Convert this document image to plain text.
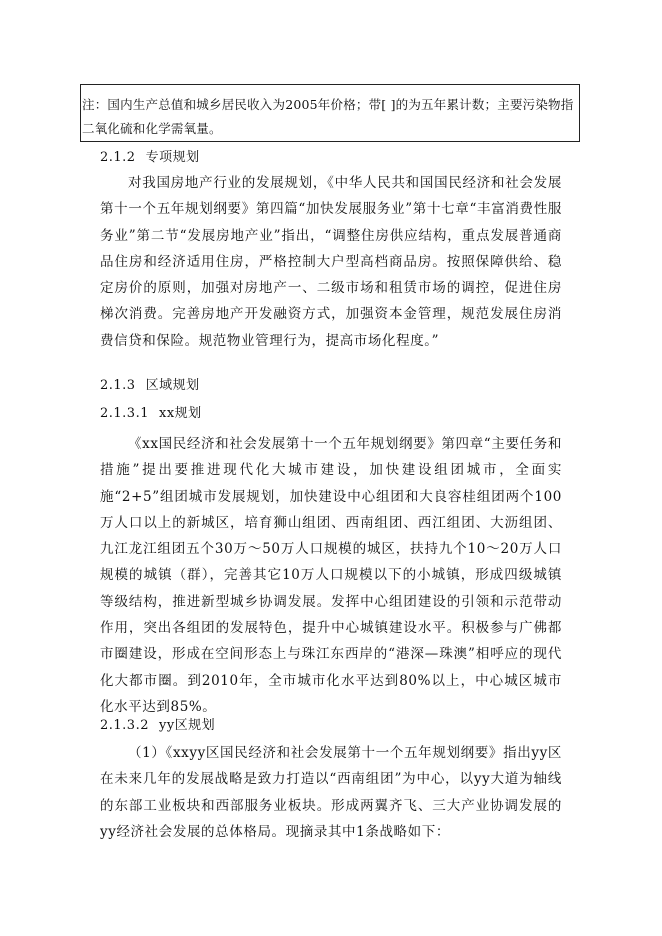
注：国内生产总值和城乡居民收入为2005年价格；带[ ]的为五年累计数；主要污染物指二氧化硫和化学需氧量。
2.1.2 专项规划

对我国房地产行业的发展规划，《中华人民共和国国民经济和社会发展第十一个五年规划纲要》第四篇“加快发展服务业”第十七章“丰富消费性服务业”第二节“发展房地产业”指出，“调整住房供应结构，重点发展普通商品住房和经济适用住房，严格控制大户型高档商品房。按照保障供给、稳定房价的原则，加强对房地产一、二级市场和租赁市场的调控，促进住房梯次消费。完善房地产开发融资方式，加强资本金管理，规范发展住房消费信贷和保险。规范物业管理行为，提高市场化程度。”

2.1.3 区域规划
2.1.3.1 xx规划

《xx国民经济和社会发展第十一个五年规划纲要》第四章“主要任务和措施”提出要推进现代化大城市建设，加快建设组团城市，全面实施“2+5”组团城市发展规划，加快建设中心组团和大良容桂组团两个100万人口以上的新城区，培育狮山组团、西南组团、西江组团、大沥组团、九江龙江组团五个30万～50万人口规模的城区，扶持九个10～20万人口规模的城镇（群），完善其它10万人口规模以下的小城镇，形成四级城镇等级结构，推进新型城乡协调发展。发挥中心组团建设的引领和示范带动作用，突出各组团的发展特色，提升中心城镇建设水平。积极参与广佛都市圈建设，形成在空间形态上与珠江东西岸的“港深—珠澳”相呼应的现代化大都市圈。到2010年，全市城市化水平达到80%以上，中心城区城市化水平达到85%。

2.1.3.2 yy区规划

（1）《xxyy区国民经济和社会发展第十一个五年规划纲要》指出yy区在未来几年的发展战略是致力打造以“西南组团”为中心，以yy大道为轴线的东部工业板块和西部服务业板块。形成两翼齐飞、三大产业协调发展的yy经济社会发展的总体格局。现摘录其中1条战略如下：
